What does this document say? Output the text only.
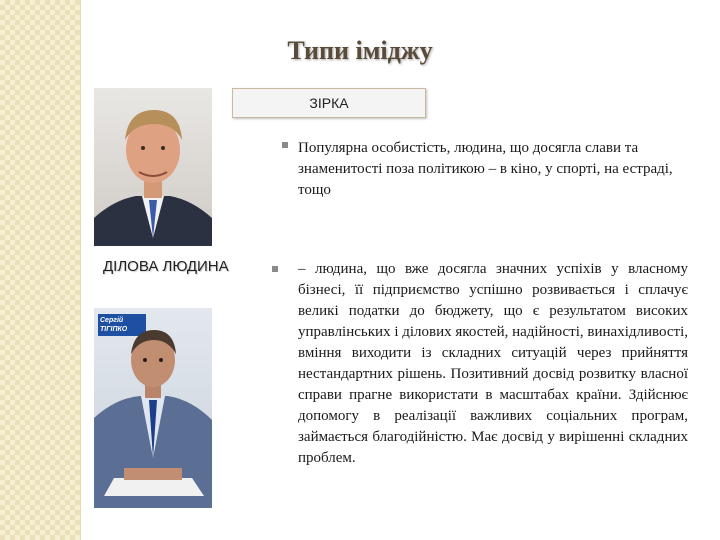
Типи іміджу
ЗІРКА
Популярна особистість, людина, що досягла слави та знаменитості поза політикою – в кіно, у спорті, на естраді, тощо
ДІЛОВА ЛЮДИНА	– людина, що вже досягла значних успіхів у власному бізнесі, її підприємство успішно розвивається і сплачує великі податки до бюджету, що є результатом високих управлінських і ділових якостей, надійності, винахідливості, вміння виходити із складних ситуацій через прийняття нестандартних рішень. Позитивний досвід розвитку власної справи прагне використати в масштабах країни. Здійснює допомогу в реалізації важливих соціальних програм, займається благодійністю. Має досвід у вирішенні складних проблем.
Сергій ТІГІПКО
